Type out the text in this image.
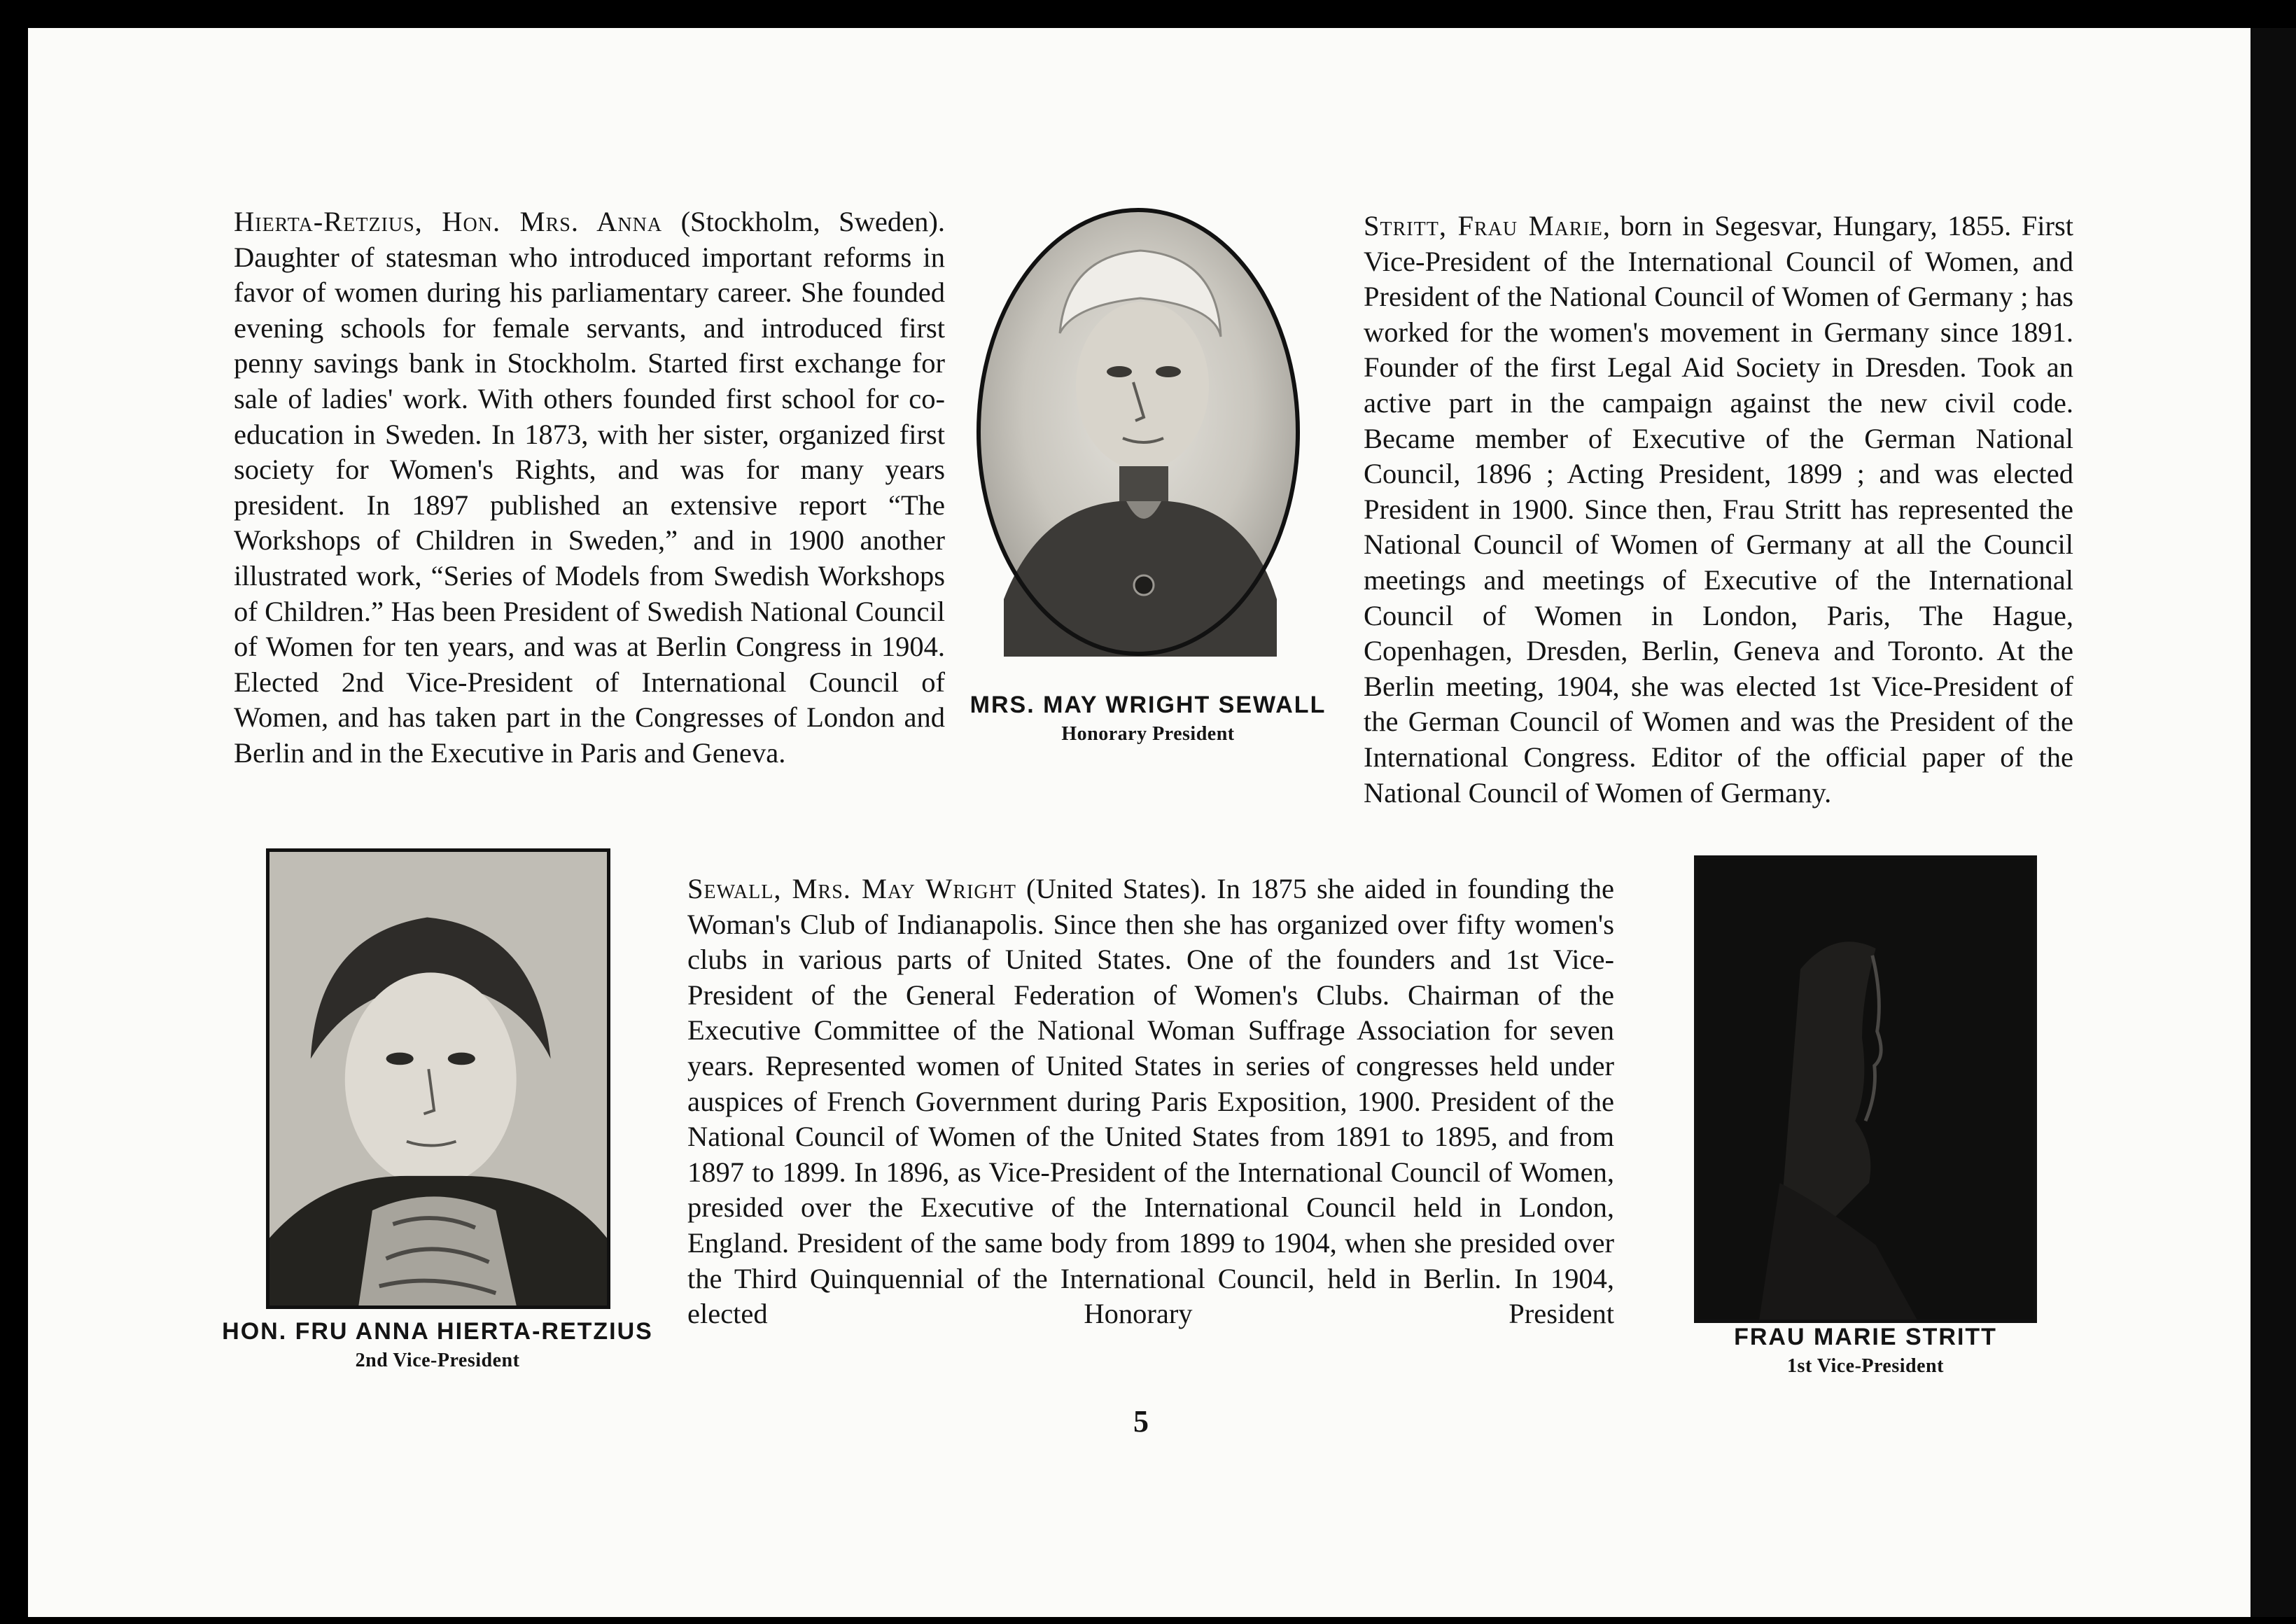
Hierta-Retzius, Hon. Mrs. Anna (Stockholm, Sweden). Daughter of statesman who introduced important reforms in favor of women during his parliamentary career. She founded evening schools for female servants, and introduced first penny savings bank in Stockholm. Started first exchange for sale of ladies' work. With others founded first school for co-education in Sweden. In 1873, with her sister, organized first society for Women's Rights, and was for many years president. In 1897 published an extensive report “The Workshops of Children in Sweden,” and in 1900 another illustrated work, “Series of Models from Swedish Workshops of Children.” Has been President of Swedish National Council of Women for ten years, and was at Berlin Congress in 1904. Elected 2nd Vice-President of International Council of Women, and has taken part in the Congresses of London and
Berlin and in the Executive in Paris and Geneva.

MRS. MAY WRIGHT SEWALL
Honorary President

Stritt, Frau Marie, born in Segesvar, Hungary, 1855. First Vice-President of the International Council of Women, and President of the National Council of Women of Germany ; has worked for the women's movement in Germany since 1891. Founder of the first Legal Aid Society in Dresden. Took an active part in the campaign against the new civil code. Became member of Executive of the German National Council, 1896 ; Acting President, 1899 ; and was elected President in 1900. Since then, Frau Stritt has represented the National Council of Women of Germany at all the Council meetings and meetings of Executive of the International Council of Women in London, Paris, The Hague, Copenhagen, Dresden, Berlin, Geneva and Toronto. At the Berlin meeting, 1904, she was elected 1st Vice-President of the German Council of Women and was the President of the International Congress. Editor of the official paper of the
National Council of Women of Germany.

HON. FRU ANNA HIERTA-RETZIUS
2nd Vice-President

Sewall, Mrs. May Wright (United States). In 1875 she aided in founding the Woman's Club of Indianapolis. Since then she has organized over fifty women's clubs in various parts of United States. One of the founders and 1st Vice-President of the General Federation of Women's Clubs. Chairman of the Executive Committee of the National Woman Suffrage Association for seven years. Represented women of United States in series of congresses held under auspices of French Government during Paris Exposition, 1900. President of the National Council of Women of the United States from 1891 to 1895, and from 1897 to 1899. In 1896, as Vice-President of the International Council of Women, presided over the Executive of the International Council held in London, England. President of the same body from 1899 to 1904, when she presided over the Third Quinquennial of the International Council, held in Berlin. In 1904, elected Honorary President

FRAU MARIE STRITT
1st Vice-President

5
